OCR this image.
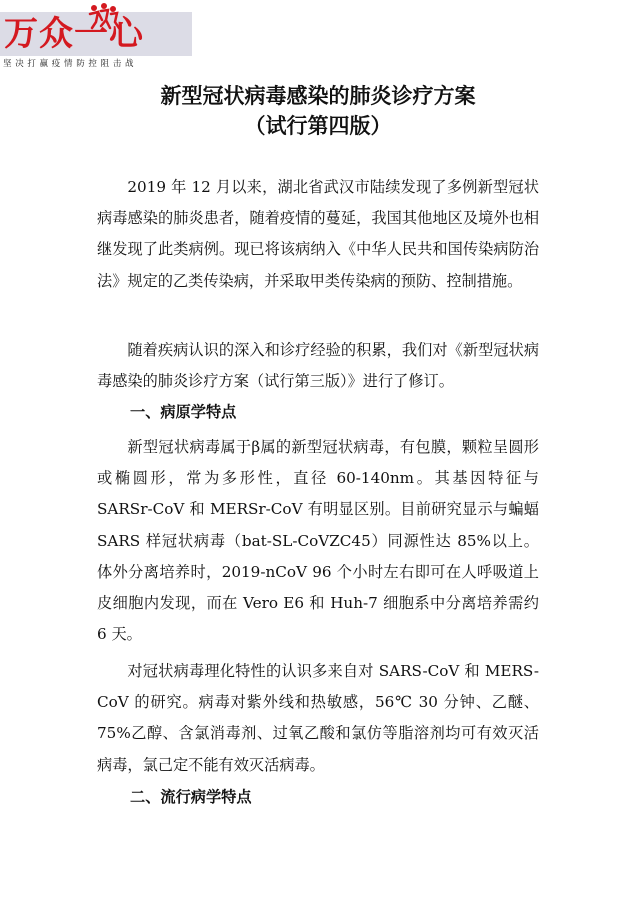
万众一心
坚 决 打 赢 疫 情 防 控 阻 击 战
新型冠状病毒感染的肺炎诊疗方案
（试行第四版）

2019 年 12 月以来，湖北省武汉市陆续发现了多例新型冠状病毒感染的肺炎患者，随着疫情的蔓延，我国其他地区及境外也相继发现了此类病例。现已将该病纳入《中华人民共和国传染病防治法》规定的乙类传染病，并采取甲类传染病的预防、控制措施。

随着疾病认识的深入和诊疗经验的积累，我们对《新型冠状病毒感染的肺炎诊疗方案（试行第三版）》进行了修订。

一、病原学特点

新型冠状病毒属于β属的新型冠状病毒，有包膜，颗粒呈圆形或椭圆形，常为多形性，直径 60-140nm。其基因特征与 SARSr-CoV 和 MERSr-CoV 有明显区别。目前研究显示与蝙蝠 SARS 样冠状病毒（bat-SL-CoVZC45）同源性达 85%以上。体外分离培养时，2019-nCoV 96 个小时左右即可在人呼吸道上皮细胞内发现，而在 Vero E6 和 Huh-7 细胞系中分离培养需约 6 天。

对冠状病毒理化特性的认识多来自对 SARS-CoV 和 MERS-CoV 的研究。病毒对紫外线和热敏感，56℃ 30 分钟、乙醚、75%乙醇、含氯消毒剂、过氧乙酸和氯仿等脂溶剂均可有效灭活病毒，氯己定不能有效灭活病毒。

二、流行病学特点
